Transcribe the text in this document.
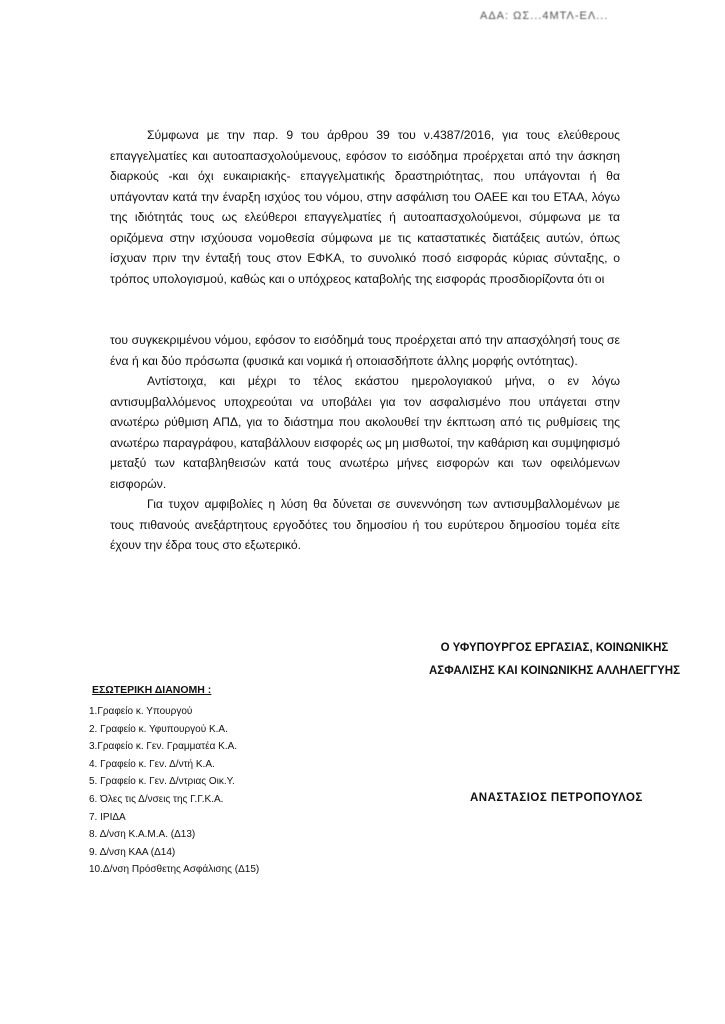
ΑΔΑ: ΩΣ...4ΜΤΛ-ΕΛ...

Σύμφωνα με την παρ. 9 του άρθρου 39 του ν.4387/2016, για τους ελεύθερους επαγγελματίες και αυτοαπασχολούμενους, εφόσον το εισόδημα προέρχεται από την άσκηση διαρκούς -και όχι ευκαιριακής- επαγγελματικής δραστηριότητας, που υπάγονται ή θα υπάγονταν κατά την έναρξη ισχύος του νόμου, στην ασφάλιση του ΟΑΕΕ και του ΕΤΑΑ, λόγω της ιδιότητάς τους ως ελεύθεροι επαγγελματίες ή αυτοαπασχολούμενοι, σύμφωνα με τα οριζόμενα στην ισχύουσα νομοθεσία σύμφωνα με τις καταστατικές διατάξεις αυτών, όπως ίσχυαν πριν την ένταξή τους στον ΕΦΚΑ, το συνολικό ποσό εισφοράς κύριας σύνταξης, ο τρόπος υπολογισμού, καθώς και ο υπόχρεος καταβολής της εισφοράς προσδιορίζοντα ότι οι

του συγκεκριμένου νόμου, εφόσον το εισόδημά τους προέρχεται από την απασχόλησή τους σε ένα ή και δύο πρόσωπα (φυσικά και νομικά ή οποιασδήποτε άλλης μορφής οντότητας).

Αντίστοιχα, και μέχρι το τέλος εκάστου ημερολογιακού μήνα, ο εν λόγω αντισυμβαλλόμενος υποχρεούται να υποβάλει για τον ασφαλισμένο που υπάγεται στην ανωτέρω ρύθμιση ΑΠΔ, για το διάστημα που ακολουθεί την έκπτωση από τις ρυθμίσεις της ανωτέρω παραγράφου, καταβάλλουν εισφορές ως μη μισθωτοί, την καθάριση και συμψηφισμό μεταξύ των καταβληθεισών κατά τους ανωτέρω μήνες εισφορών και των οφειλόμενων εισφορών.

Για τυχον αμφιβολίες η λύση θα δύνεται σε συνεννόηση των αντισυμβαλλομένων με τους πιθανούς ανεξάρτητους εργοδότες του δημοσίου ή του ευρύτερου δημοσίου τομέα είτε έχουν την έδρα τους στο εξωτερικό.

Ο ΥΦΥΠΟΥΡΓΟΣ ΕΡΓΑΣΙΑΣ, ΚΟΙΝΩΝΙΚΗΣ
ΑΣΦΑΛΙΣΗΣ ΚΑΙ ΚΟΙΝΩΝΙΚΗΣ ΑΛΛΗΛΕΓΓΥΗΣ
ΕΣΩΤΕΡΙΚΗ ΔΙΑΝΟΜΗ :
1.Γραφείο κ. Υπουργού
2. Γραφείο κ. Υφυπουργού Κ.Α.
3.Γραφείο κ. Γεν. Γραμματέα Κ.Α.
4. Γραφείο κ. Γεν. Δ/ντή Κ.Α.
5. Γραφείο κ. Γεν. Δ/ντριας Οικ.Υ.
6. Όλες τις Δ/νσεις της Γ.Γ.Κ.Α.
7. ΙΡΙΔΑ
8. Δ/νση Κ.Α.Μ.Α. (Δ13)
9. Δ/νση ΚΑΑ (Δ14)
10.Δ/νση Πρόσθετης Ασφάλισης (Δ15)
ΑΝΑΣΤΑΣΙΟΣ ΠΕΤΡΟΠΟΥΛΟΣ
